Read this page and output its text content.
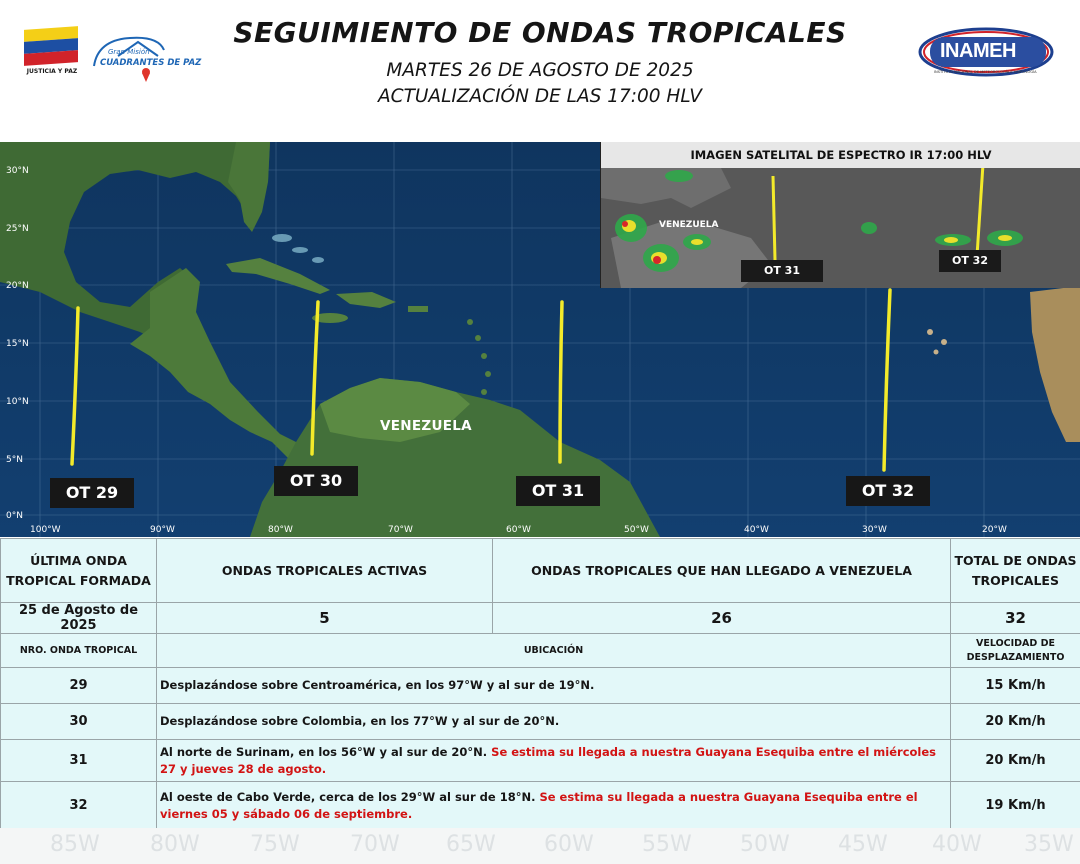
JUSTICIA Y PAZ
Gran Misión
CUADRANTES DE PAZ
SEGUIMIENTO DE ONDAS TROPICALES
MARTES 26 DE AGOSTO DE 2025
ACTUALIZACIÓN DE LAS 17:00 HLV
INAMEH
INSTITUTO NACIONAL DE METEOROLOGÍA E HIDROLOGÍA
30°N
25°N
20°N
15°N
10°N
5°N
0°N
100°W	90°W	80°W	70°W	60°W	50°W	40°W	30°W	20°W
VENEZUELA
OT 29
OT 30
OT 31	OT 32
IMAGEN SATELITAL DE ESPECTRO IR 17:00 HLV
VENEZUELA
OT 31
OT 32
ÚLTIMA ONDA TROPICAL FORMADA	ONDAS TROPICALES ACTIVAS	ONDAS TROPICALES QUE HAN LLEGADO A VENEZUELA	TOTAL DE ONDAS TROPICALES
25 de Agosto de 2025	5	26	32
NRO. ONDA TROPICAL	UBICACIÓN		VELOCIDAD DE DESPLAZAMIENTO
29	Desplazándose sobre Centroamérica, en los 97°W y al sur de 19°N.		15 Km/h
30	Desplazándose sobre Colombia, en los 77°W y al sur de 20°N.		20 Km/h
31	Al norte de Surinam, en los 56°W y al sur de 20°N. Se estima su llegada a nuestra Guayana Esequiba entre el miércoles 27 y jueves 28 de agosto.		20 Km/h
32	Al oeste de Cabo Verde, cerca de los 29°W al sur de 18°N. Se estima su llegada a nuestra Guayana Esequiba entre el viernes 05 y sábado 06 de septiembre.		19 Km/h
85W 80W 75W 70W 65W 60W 55W 50W 45W 40W 35W
